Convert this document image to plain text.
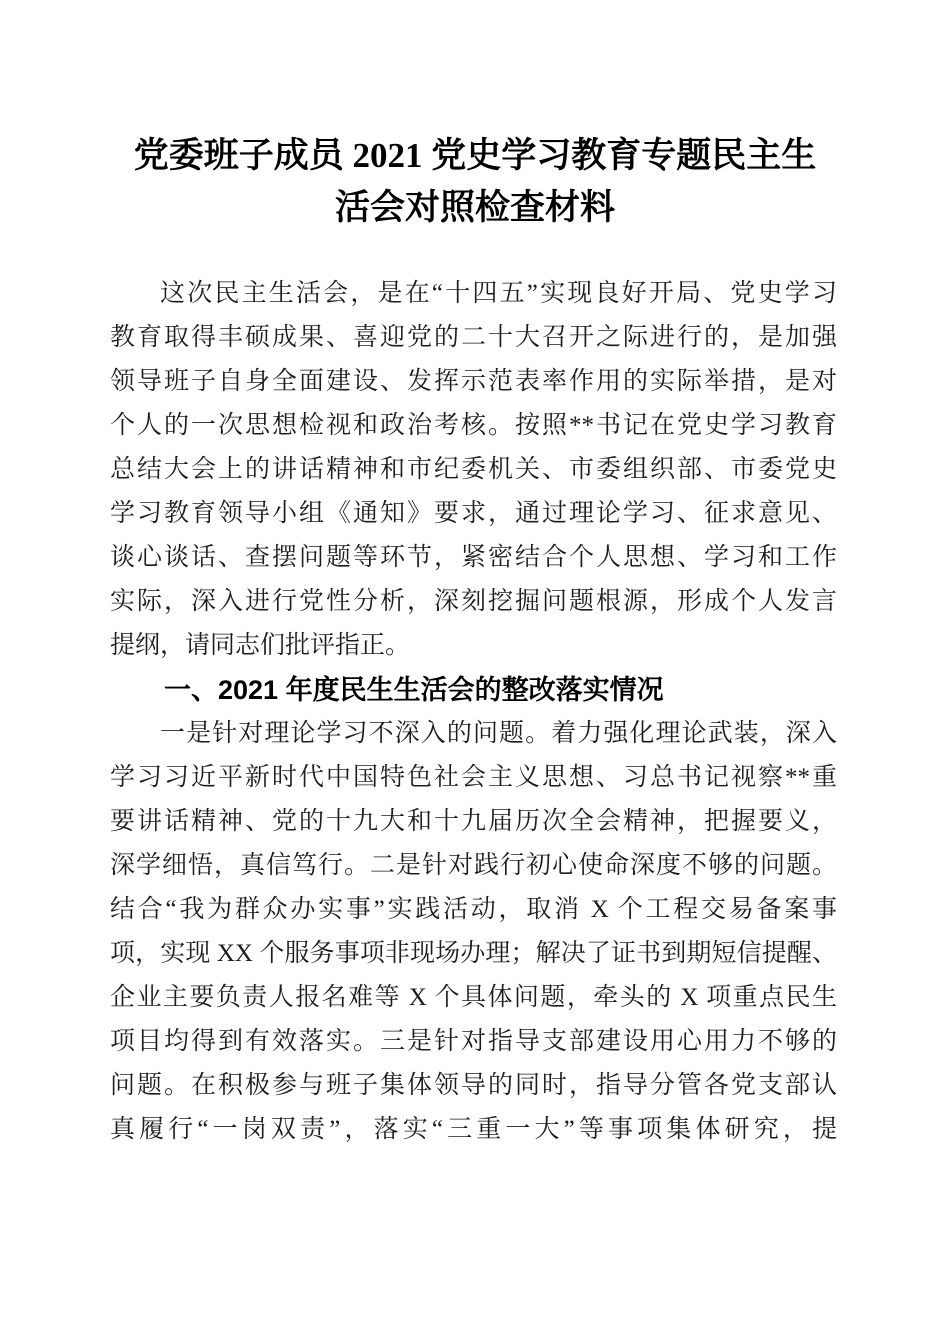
党委班子成员 2021 党史学习教育专题民主生
活会对照检查材料
这次民主生活会，是在“十四五”实现良好开局、党史学习
教育取得丰硕成果、喜迎党的二十大召开之际进行的，是加强
领导班子自身全面建设、发挥示范表率作用的实际举措，是对
个人的一次思想检视和政治考核。按照**书记在党史学习教育
总结大会上的讲话精神和市纪委机关、市委组织部、市委党史
学习教育领导小组《通知》要求，通过理论学习、征求意见、
谈心谈话、查摆问题等环节，紧密结合个人思想、学习和工作
实际，深入进行党性分析，深刻挖掘问题根源，形成个人发言
提纲，请同志们批评指正。
一、2021 年度民生生活会的整改落实情况
一是针对理论学习不深入的问题。着力强化理论武装，深入
学习习近平新时代中国特色社会主义思想、习总书记视察**重
要讲话精神、党的十九大和十九届历次全会精神，把握要义，
深学细悟，真信笃行。二是针对践行初心使命深度不够的问题。
结合“我为群众办实事”实践活动，取消 X 个工程交易备案事
项，实现 XX 个服务事项非现场办理；解决了证书到期短信提醒、
企业主要负责人报名难等 X 个具体问题，牵头的 X 项重点民生
项目均得到有效落实。三是针对指导支部建设用心用力不够的
问题。在积极参与班子集体领导的同时，指导分管各党支部认
真履行“一岗双责”，落实“三重一大”等事项集体研究，提
